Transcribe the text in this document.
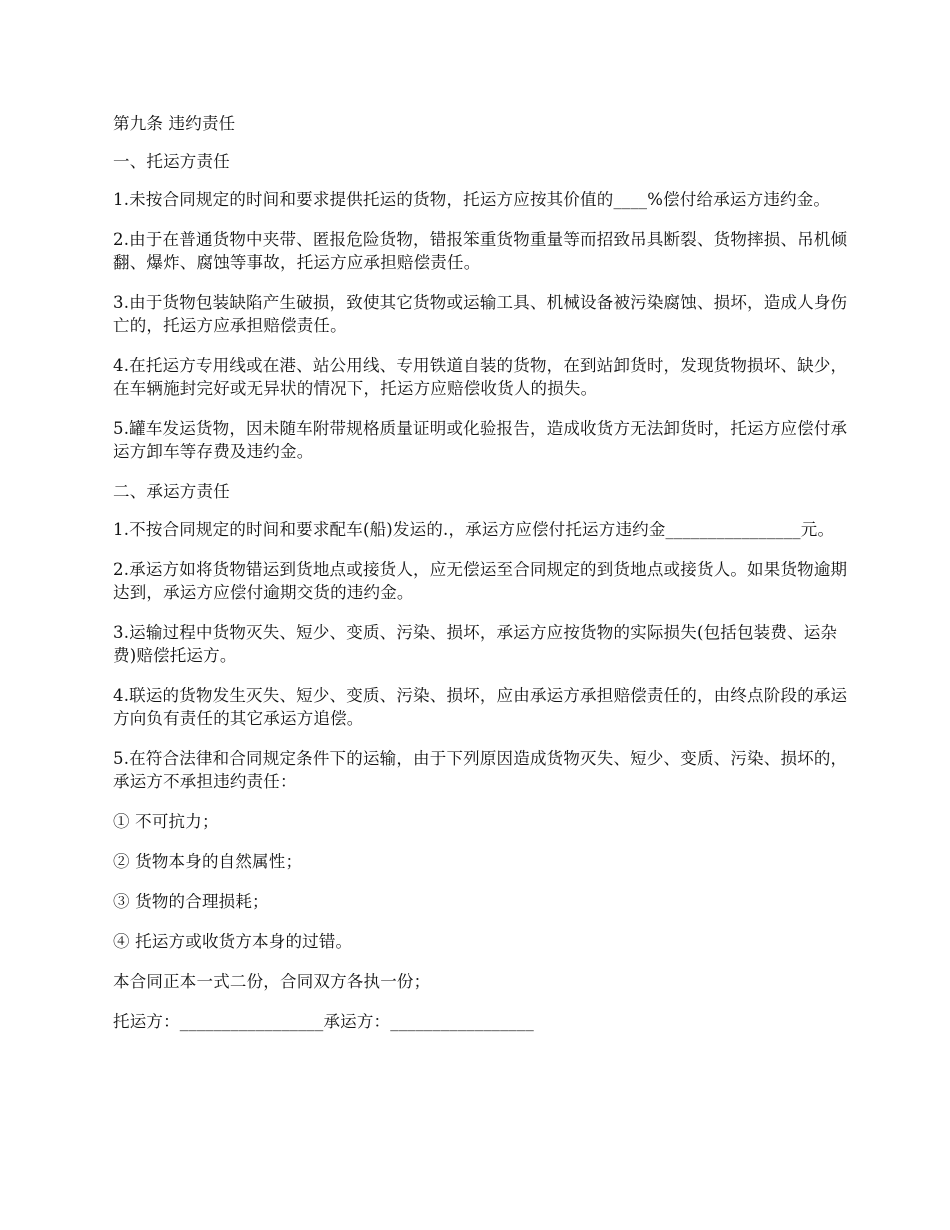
第九条 违约责任

一、托运方责任

1.未按合同规定的时间和要求提供托运的货物，托运方应按其价值的____%偿付给承运方违约金。

2.由于在普通货物中夹带、匿报危险货物，错报笨重货物重量等而招致吊具断裂、货物摔损、吊机倾翻、爆炸、腐蚀等事故，托运方应承担赔偿责任。

3.由于货物包装缺陷产生破损，致使其它货物或运输工具、机械设备被污染腐蚀、损坏，造成人身伤亡的，托运方应承担赔偿责任。

4.在托运方专用线或在港、站公用线、专用铁道自装的货物，在到站卸货时，发现货物损坏、缺少，在车辆施封完好或无异状的情况下，托运方应赔偿收货人的损失。

5.罐车发运货物，因未随车附带规格质量证明或化验报告，造成收货方无法卸货时，托运方应偿付承运方卸车等存费及违约金。

二、承运方责任

1.不按合同规定的时间和要求配车(船)发运的.，承运方应偿付托运方违约金________________元。

2.承运方如将货物错运到货地点或接货人，应无偿运至合同规定的到货地点或接货人。如果货物逾期达到，承运方应偿付逾期交货的违约金。

3.运输过程中货物灭失、短少、变质、污染、损坏，承运方应按货物的实际损失(包括包装费、运杂费)赔偿托运方。

4.联运的货物发生灭失、短少、变质、污染、损坏，应由承运方承担赔偿责任的，由终点阶段的承运方向负有责任的其它承运方追偿。

5.在符合法律和合同规定条件下的运输，由于下列原因造成货物灭失、短少、变质、污染、损坏的，承运方不承担违约责任：

① 不可抗力；

② 货物本身的自然属性；

③ 货物的合理损耗；

④ 托运方或收货方本身的过错。

本合同正本一式二份，合同双方各执一份；

托运方：_________________承运方：_________________
